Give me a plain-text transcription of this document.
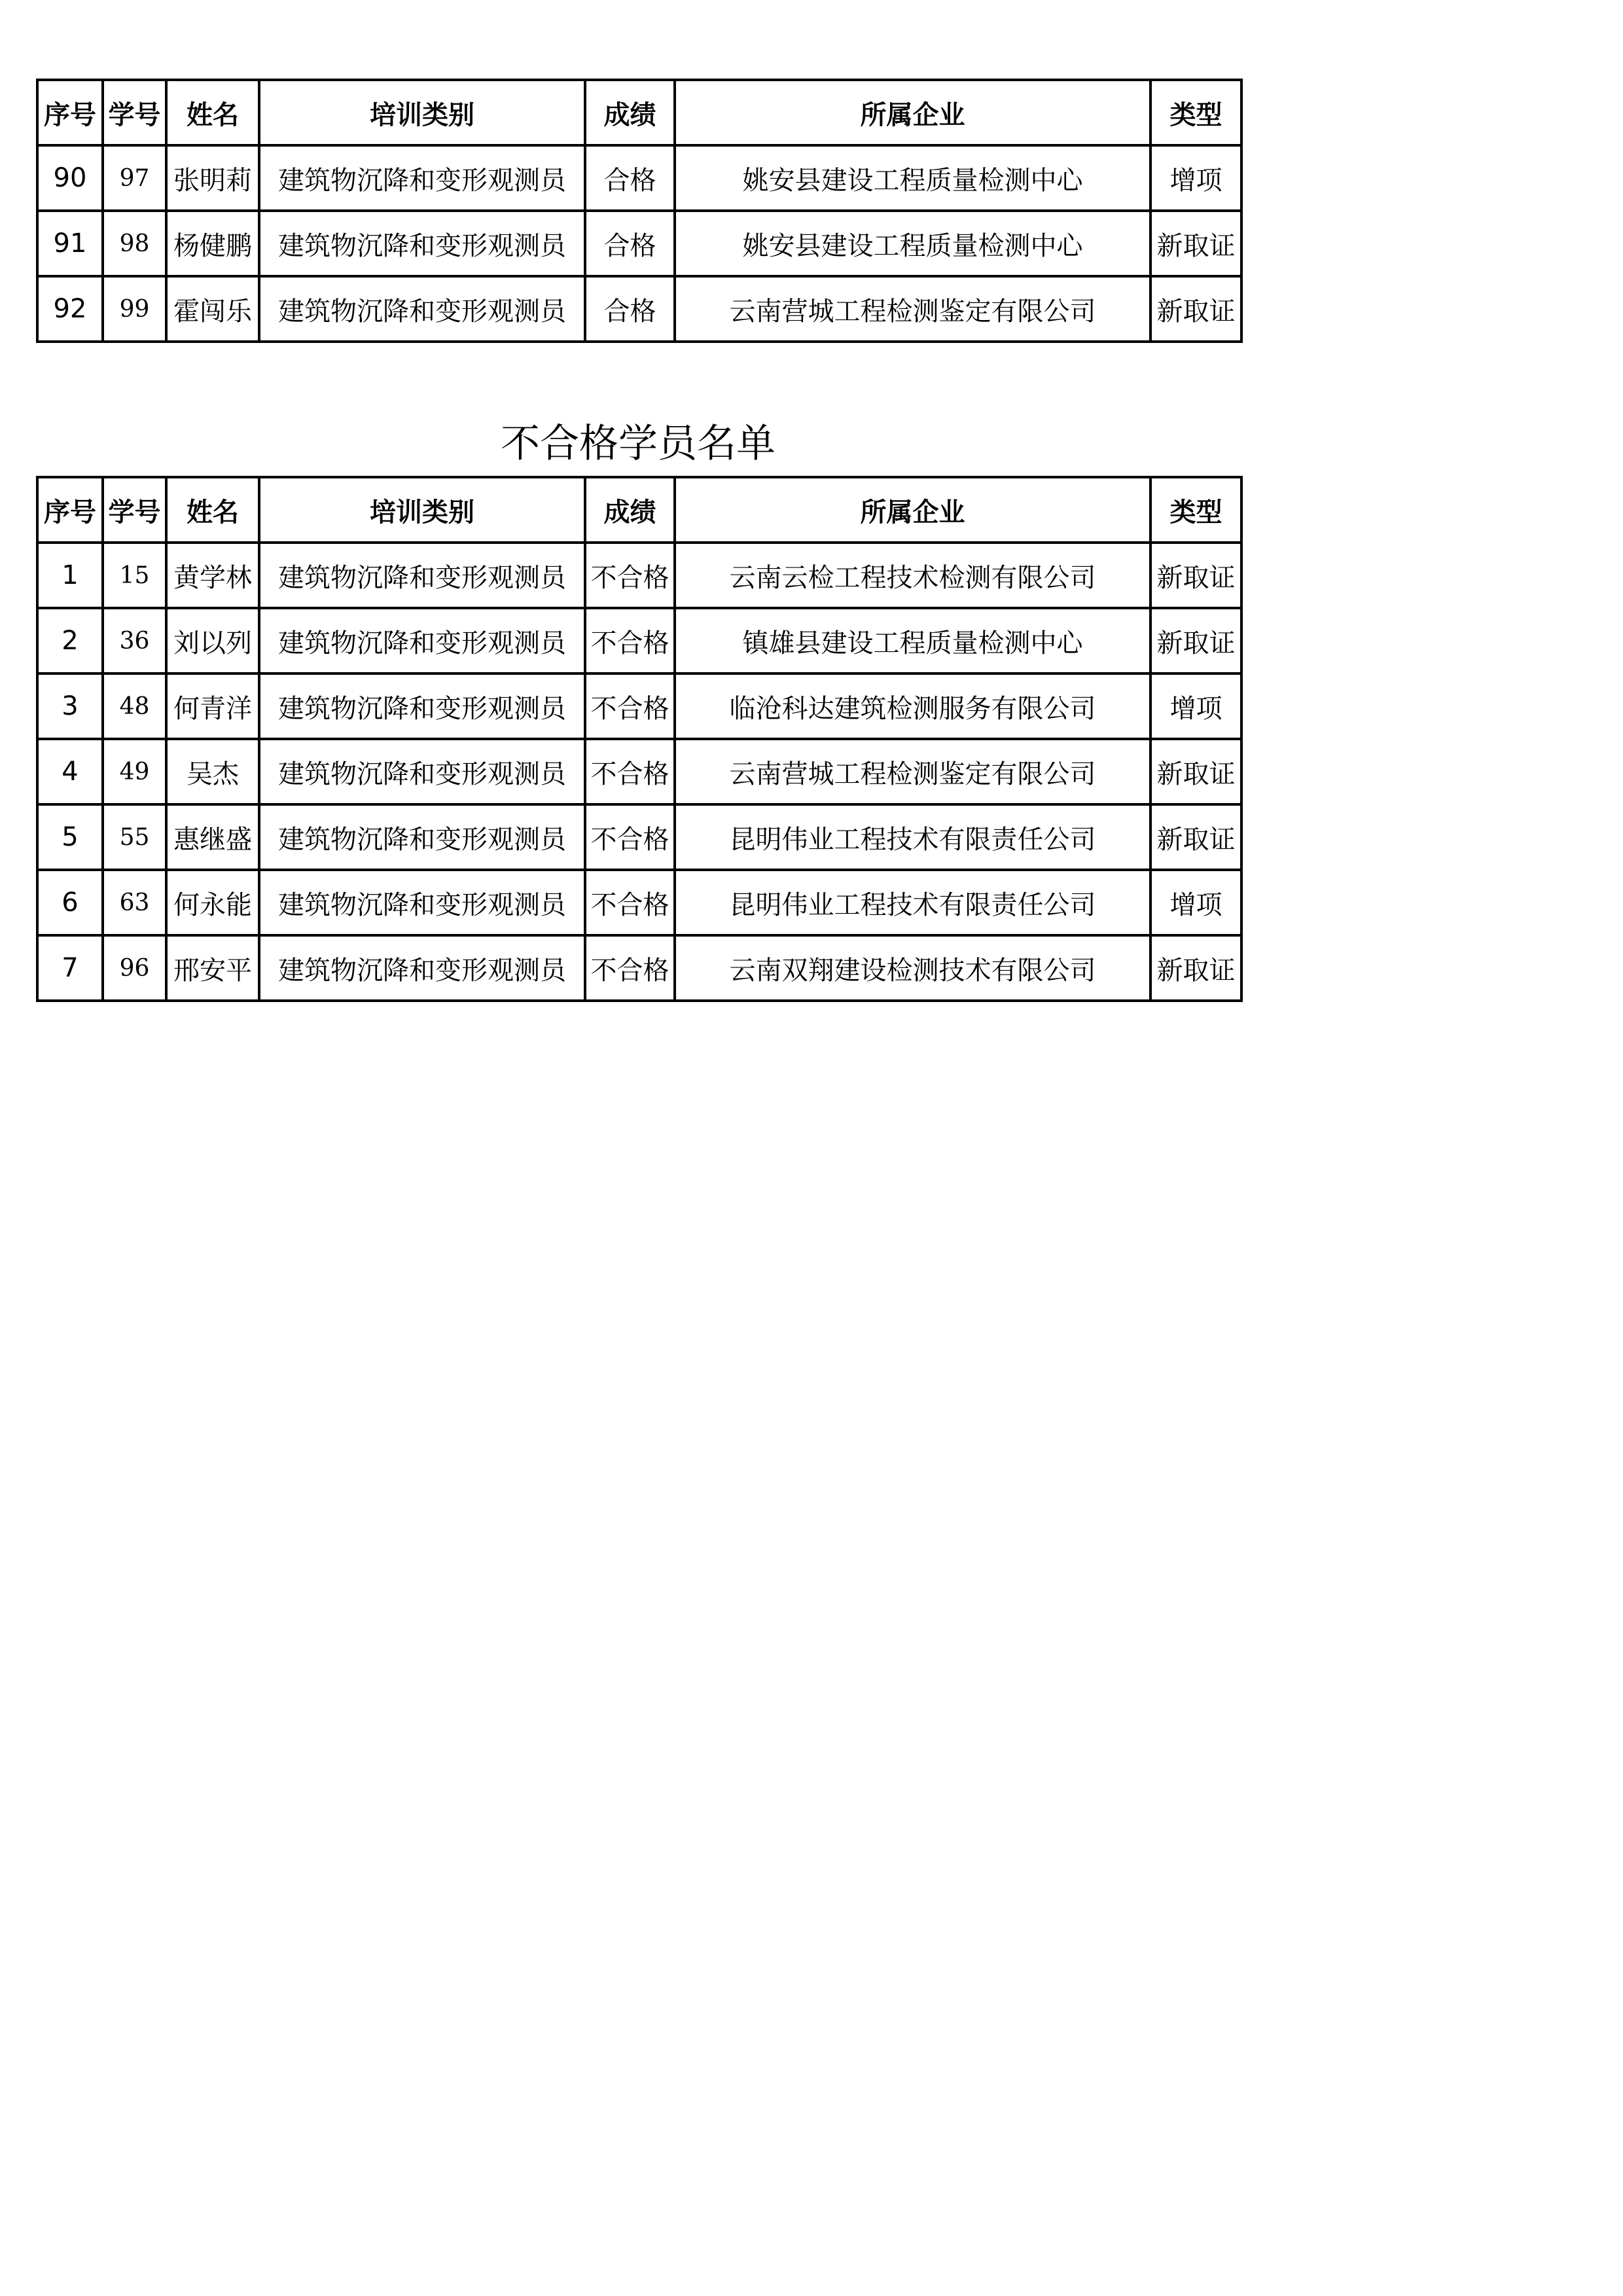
序号	学号	姓名	培训类别	成绩	所属企业	类型
90	97	张明莉	建筑物沉降和变形观测员	合格	姚安县建设工程质量检测中心	增项
91	98	杨健鹏	建筑物沉降和变形观测员	合格	姚安县建设工程质量检测中心	新取证
92	99	霍闯乐	建筑物沉降和变形观测员	合格	云南营城工程检测鉴定有限公司	新取证
不合格学员名单
序号	学号	姓名	培训类别	成绩	所属企业	类型
1	15	黄学林	建筑物沉降和变形观测员	不合格	云南云检工程技术检测有限公司	新取证
2	36	刘以列	建筑物沉降和变形观测员	不合格	镇雄县建设工程质量检测中心	新取证
3	48	何青洋	建筑物沉降和变形观测员	不合格	临沧科达建筑检测服务有限公司	增项
4	49	吴杰	建筑物沉降和变形观测员	不合格	云南营城工程检测鉴定有限公司	新取证
5	55	惠继盛	建筑物沉降和变形观测员	不合格	昆明伟业工程技术有限责任公司	新取证
6	63	何永能	建筑物沉降和变形观测员	不合格	昆明伟业工程技术有限责任公司	增项
7	96	邢安平	建筑物沉降和变形观测员	不合格	云南双翔建设检测技术有限公司	新取证
